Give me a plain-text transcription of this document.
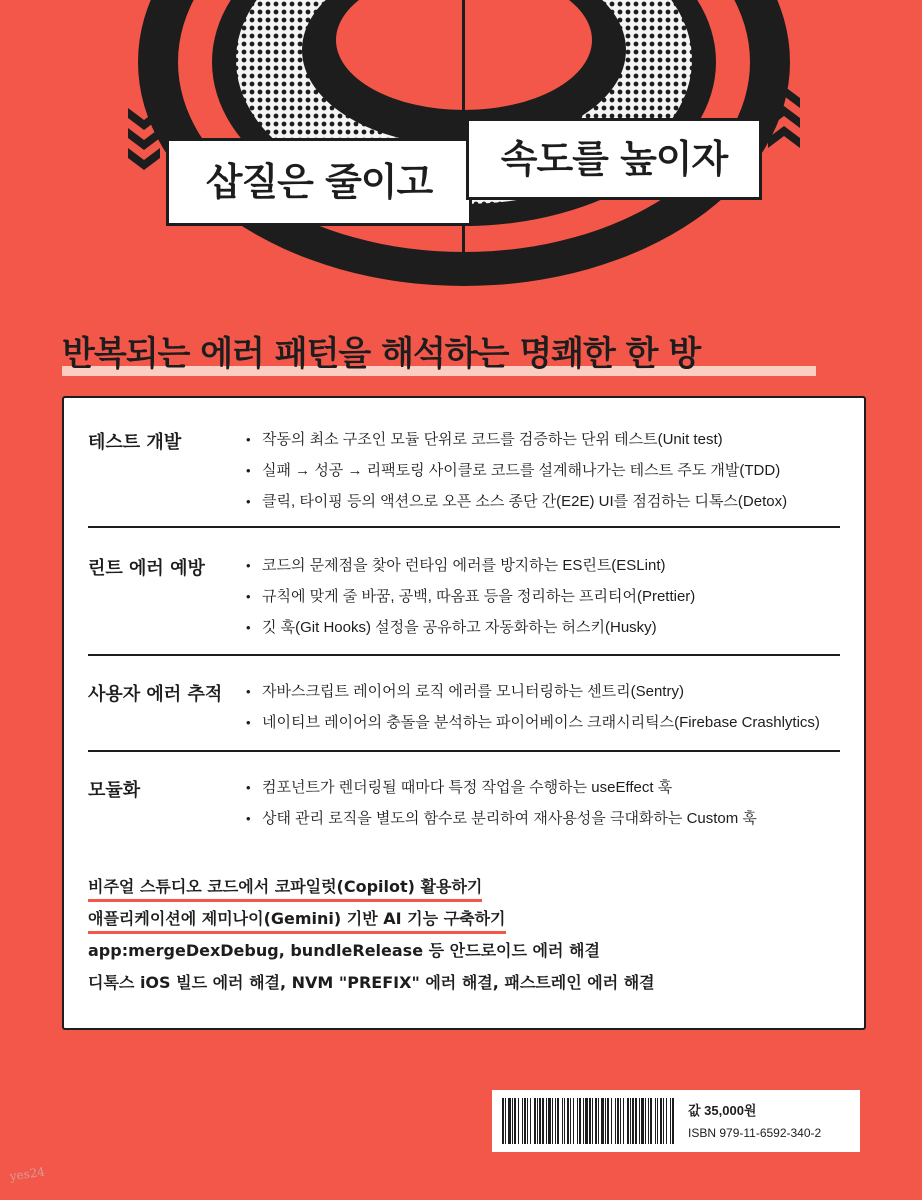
삽질은 줄이고
속도를 높이자
반복되는 에러 패턴을 해석하는 명쾌한 한 방
테스트 개발	• 작동의 최소 구조인 모듈 단위로 코드를 검증하는 단위 테스트(Unit test)
• 실패 → 성공 → 리팩토링 사이클로 코드를 설계해나가는 테스트 주도 개발(TDD)
• 클릭, 타이핑 등의 액션으로 오픈 소스 종단 간(E2E) UI를 점검하는 디톡스(Detox)
린트 에러 예방	• 코드의 문제점을 찾아 런타임 에러를 방지하는 ES린트(ESLint)
• 규칙에 맞게 줄 바꿈, 공백, 따옴표 등을 정리하는 프리티어(Prettier)
• 깃 훅(Git Hooks) 설정을 공유하고 자동화하는 허스키(Husky)
사용자 에러 추적	• 자바스크립트 레이어의 로직 에러를 모니터링하는 센트리(Sentry)
• 네이티브 레이어의 충돌을 분석하는 파이어베이스 크래시리틱스(Firebase Crashlytics)
모듈화	• 컴포넌트가 렌더링될 때마다 특정 작업을 수행하는 useEffect 훅
• 상태 관리 로직을 별도의 함수로 분리하여 재사용성을 극대화하는 Custom 훅
비주얼 스튜디오 코드에서 코파일럿(Copilot) 활용하기
애플리케이션에 제미나이(Gemini) 기반 AI 기능 구축하기
app:mergeDexDebug, bundleRelease 등 안드로이드 에러 해결
디톡스 iOS 빌드 에러 해결, NVM "PREFIX" 에러 해결, 패스트레인 에러 해결
값 35,000원
ISBN 979-11-6592-340-2
yes24
